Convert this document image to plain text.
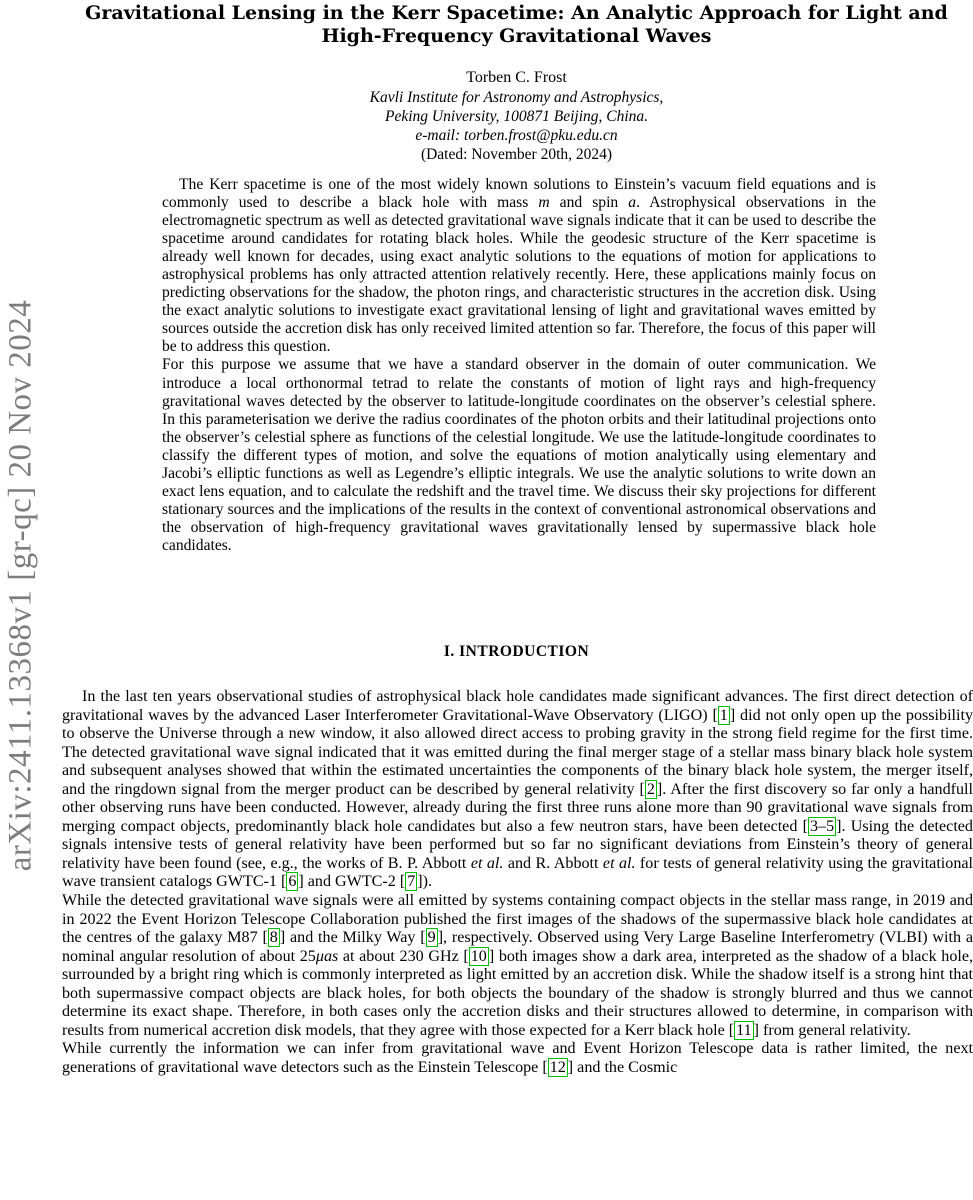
arXiv:2411.13368v1 [gr-qc] 20 Nov 2024
Gravitational Lensing in the Kerr Spacetime: An Analytic Approach for Light and
High-Frequency Gravitational Waves
Torben C. Frost
Kavli Institute for Astronomy and Astrophysics,
Peking University, 100871 Beijing, China.
e-mail: torben.frost@pku.edu.cn
(Dated: November 20th, 2024)

The Kerr spacetime is one of the most widely known solutions to Einstein’s vacuum field equations and is commonly used to describe a black hole with mass m and spin a. Astrophysical observations in the electromagnetic spectrum as well as detected gravitational wave signals indicate that it can be used to describe the spacetime around candidates for rotating black holes. While the geodesic structure of the Kerr spacetime is already well known for decades, using exact analytic solutions to the equations of motion for applications to astrophysical problems has only attracted attention relatively recently. Here, these applications mainly focus on predicting observations for the shadow, the photon rings, and characteristic structures in the accretion disk. Using the exact analytic solutions to investigate exact gravitational lensing of light and gravitational waves emitted by sources outside the accretion disk has only received limited attention so far. Therefore, the focus of this paper will be to address this question.

For this purpose we assume that we have a standard observer in the domain of outer communication. We introduce a local orthonormal tetrad to relate the constants of motion of light rays and high-frequency gravitational waves detected by the observer to latitude-longitude coordinates on the observer’s celestial sphere. In this parameterisation we derive the radius coordinates of the photon orbits and their latitudinal projections onto the observer’s celestial sphere as functions of the celestial longitude. We use the latitude-longitude coordinates to classify the different types of motion, and solve the equations of motion analytically using elementary and Jacobi’s elliptic functions as well as Legendre’s elliptic integrals. We use the analytic solutions to write down an exact lens equation, and to calculate the redshift and the travel time. We discuss their sky projections for different stationary sources and the implications of the results in the context of conventional astronomical observations and the observation of high-frequency gravitational waves gravitationally lensed by supermassive black hole candidates.

I. INTRODUCTION

In the last ten years observational studies of astrophysical black hole candidates made significant advances. The first direct detection of gravitational waves by the advanced Laser Interferometer Gravitational-Wave Observatory (LIGO) [ 1 ] did not only open up the possibility to observe the Universe through a new window, it also allowed direct access to probing gravity in the strong field regime for the first time. The detected gravitational wave signal indicated that it was emitted during the final merger stage of a stellar mass binary black hole system and subsequent analyses showed that within the estimated uncertainties the components of the binary black hole system, the merger itself, and the ringdown signal from the merger product can be described by general relativity [ 2 ]. After the first discovery so far only a handfull other observing runs have been conducted. However, already during the first three runs alone more than 90 gravitational wave signals from merging compact objects, predominantly black hole candidates but also a few neutron stars, have been detected [ 3–5 ]. Using the detected signals intensive tests of general relativity have been performed but so far no significant deviations from Einstein’s theory of general relativity have been found (see, e.g., the works of B. P. Abbott et al. and R. Abbott et al. for tests of general relativity using the gravitational wave transient catalogs GWTC-1 [ 6 ] and GWTC-2 [ 7 ]).

While the detected gravitational wave signals were all emitted by systems containing compact objects in the stellar mass range, in 2019 and in 2022 the Event Horizon Telescope Collaboration published the first images of the shadows of the supermassive black hole candidates at the centres of the galaxy M87 [ 8 ] and the Milky Way [ 9 ], respectively. Observed using Very Large Baseline Interferometry (VLBI) with a nominal angular resolution of about 25μas at about 230 GHz [ 10 ] both images show a dark area, interpreted as the shadow of a black hole, surrounded by a bright ring which is commonly interpreted as light emitted by an accretion disk. While the shadow itself is a strong hint that both supermassive compact objects are black holes, for both objects the boundary of the shadow is strongly blurred and thus we cannot determine its exact shape. Therefore, in both cases only the accretion disks and their structures allowed to determine, in comparison with results from numerical accretion disk models, that they agree with those expected for a Kerr black hole [ 11 ] from general relativity.

While currently the information we can infer from gravitational wave and Event Horizon Telescope data is rather limited, the next generations of gravitational wave detectors such as the Einstein Telescope [ 12 ] and the Cosmic
